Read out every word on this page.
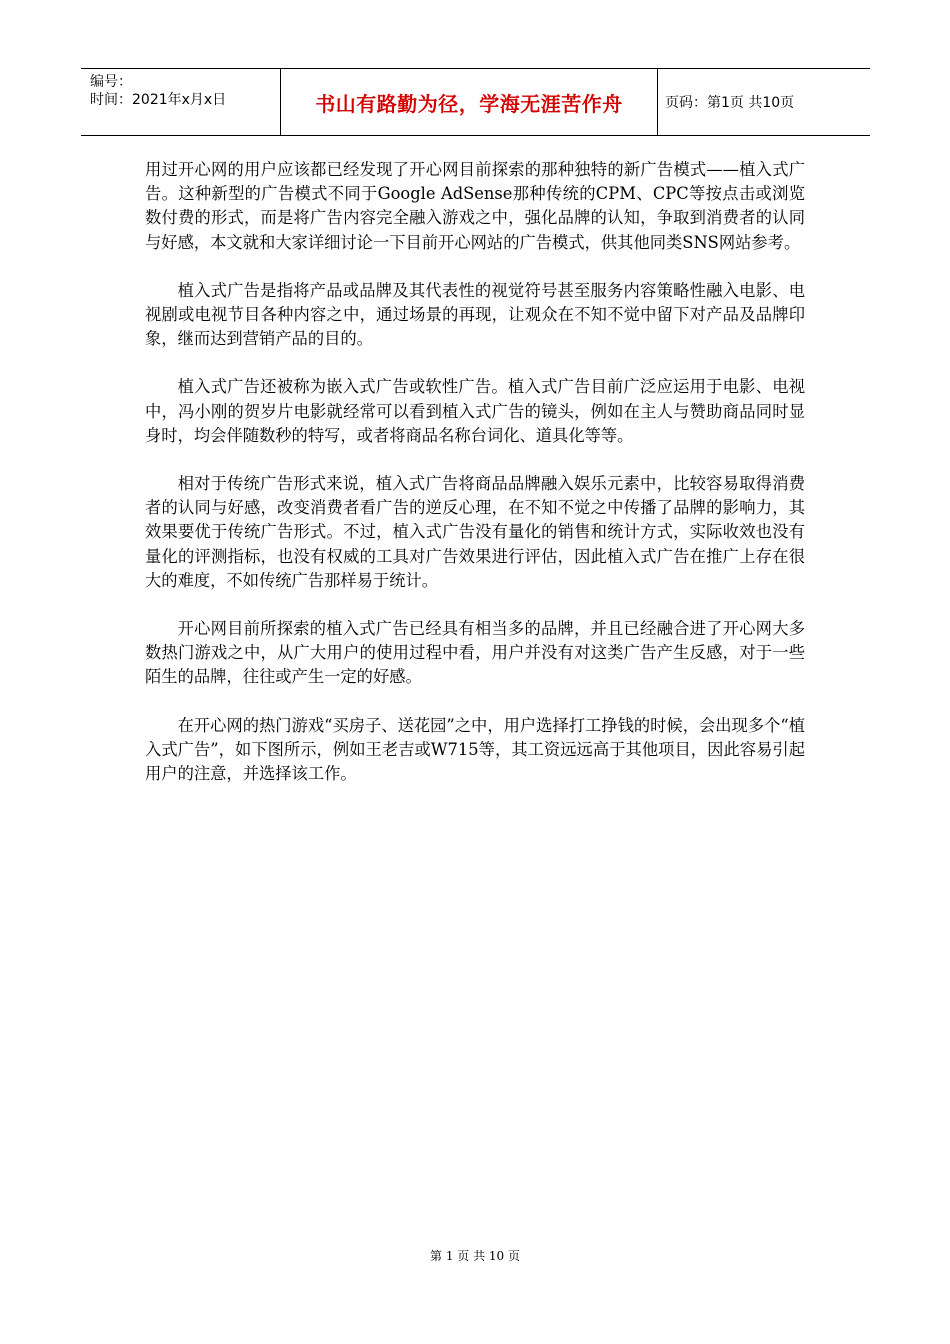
编号：
时间：2021年x月x日	书山有路勤为径，学海无涯苦作舟	页码：第1页 共10页

用过开心网的用户应该都已经发现了开心网目前探索的那种独特的新广告模式——植入式广告。这种新型的广告模式不同于Google AdSense那种传统的CPM、CPC等按点击或浏览数付费的形式，而是将广告内容完全融入游戏之中，强化品牌的认知，争取到消费者的认同与好感，本文就和大家详细讨论一下目前开心网站的广告模式，供其他同类SNS网站参考。

植入式广告是指将产品或品牌及其代表性的视觉符号甚至服务内容策略性融入电影、电视剧或电视节目各种内容之中，通过场景的再现，让观众在不知不觉中留下对产品及品牌印象，继而达到营销产品的目的。

植入式广告还被称为嵌入式广告或软性广告。植入式广告目前广泛应运用于电影、电视中，冯小刚的贺岁片电影就经常可以看到植入式广告的镜头，例如在主人与赞助商品同时显身时，均会伴随数秒的特写，或者将商品名称台词化、道具化等等。

相对于传统广告形式来说，植入式广告将商品品牌融入娱乐元素中，比较容易取得消费者的认同与好感，改变消费者看广告的逆反心理，在不知不觉之中传播了品牌的影响力，其效果要优于传统广告形式。不过，植入式广告没有量化的销售和统计方式，实际收效也没有量化的评测指标，也没有权威的工具对广告效果进行评估，因此植入式广告在推广上存在很大的难度，不如传统广告那样易于统计。

开心网目前所探索的植入式广告已经具有相当多的品牌，并且已经融合进了开心网大多数热门游戏之中，从广大用户的使用过程中看，用户并没有对这类广告产生反感，对于一些陌生的品牌，往往或产生一定的好感。

在开心网的热门游戏“买房子、送花园”之中，用户选择打工挣钱的时候，会出现多个“植入式广告”，如下图所示，例如王老吉或W715等，其工资远远高于其他项目，因此容易引起用户的注意，并选择该工作。

第 1 页 共 10 页
